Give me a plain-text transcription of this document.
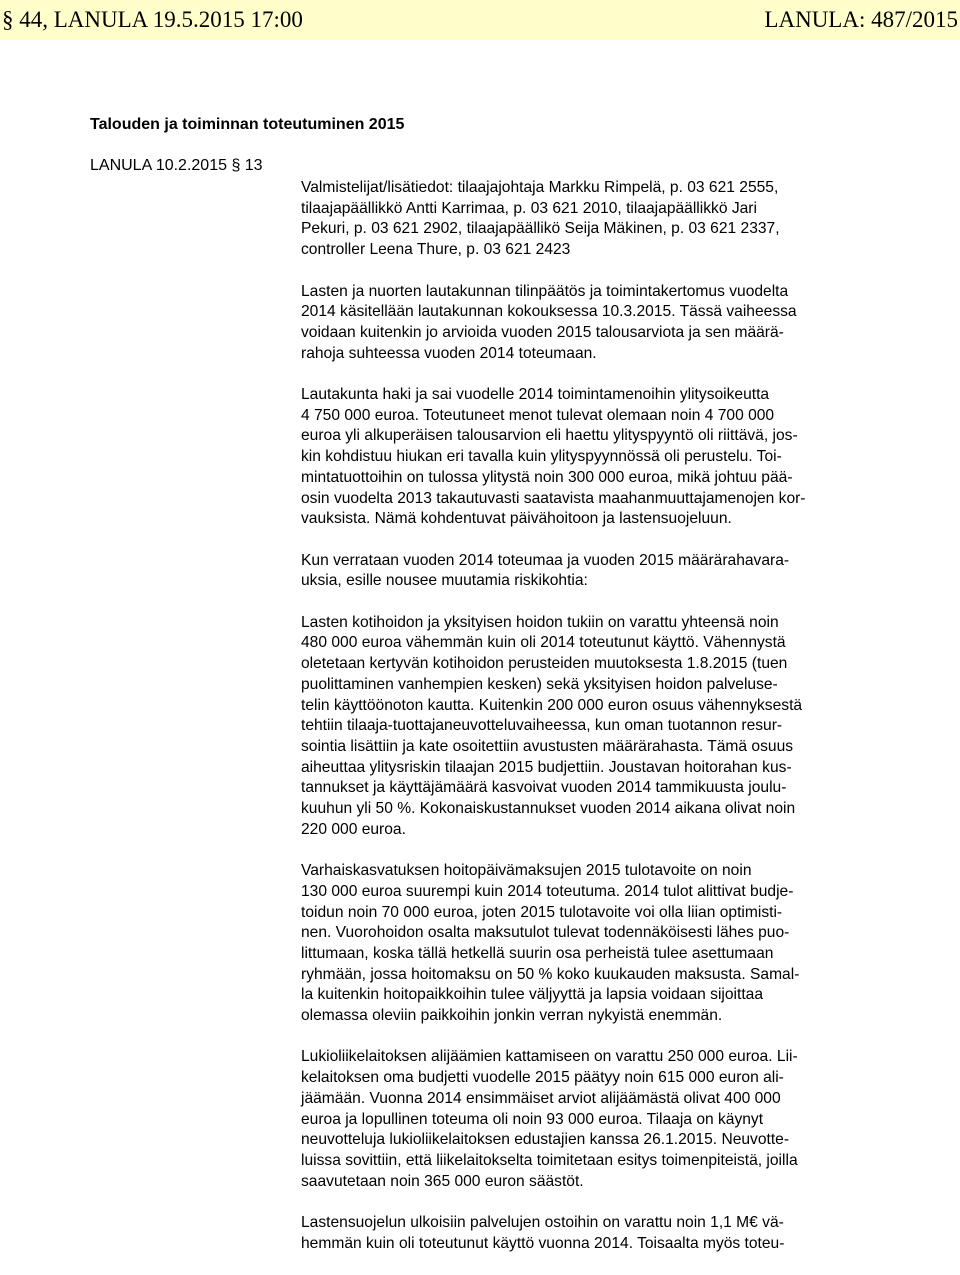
§ 44, LANULA 19.5.2015 17:00	LANULA: 487/2015
Talouden ja toiminnan toteutuminen 2015
LANULA 10.2.2015 § 13

Valmistelijat/lisätiedot: tilaajajohtaja Markku Rimpelä, p. 03 621 2555,
tilaajapäällikkö Antti Karrimaa, p. 03 621 2010, tilaajapäällikkö Jari
Pekuri, p. 03 621 2902, tilaajapäällikö Seija Mäkinen, p. 03 621 2337,
controller Leena Thure, p. 03 621 2423

Lasten ja nuorten lautakunnan tilinpäätös ja toimintakertomus vuodelta
2014 käsitellään lautakunnan kokouksessa 10.3.2015. Tässä vaiheessa
voidaan kuitenkin jo arvioida vuoden 2015 talousarviota ja sen määrä-
rahoja suhteessa vuoden 2014 toteumaan.

Lautakunta haki ja sai vuodelle 2014 toimintamenoihin ylitysoikeutta
4 750 000 euroa. Toteutuneet menot tulevat olemaan noin 4 700 000
euroa yli alkuperäisen talousarvion eli haettu ylityspyyntö oli riittävä, jos-
kin kohdistuu hiukan eri tavalla kuin ylityspyynnössä oli perustelu. Toi-
mintatuottoihin on tulossa ylitystä noin 300 000 euroa, mikä johtuu pää-
osin vuodelta 2013 takautuvasti saatavista maahanmuuttajamenojen kor-
vauksista. Nämä kohdentuvat päivähoitoon ja lastensuojeluun.

Kun verrataan vuoden 2014 toteumaa ja vuoden 2015 määrärahavara-
uksia, esille nousee muutamia riskikohtia:

Lasten kotihoidon ja yksityisen hoidon tukiin on varattu yhteensä noin
480 000 euroa vähemmän kuin oli 2014 toteutunut käyttö. Vähennystä
oletetaan kertyvän kotihoidon perusteiden muutoksesta 1.8.2015 (tuen
puolittaminen vanhempien kesken) sekä yksityisen hoidon palveluse-
telin käyttöönoton kautta. Kuitenkin 200 000 euron osuus vähennyksestä
tehtiin tilaaja-tuottajaneuvotteluvaiheessa, kun oman tuotannon resur-
sointia lisättiin ja kate osoitettiin avustusten määrärahasta. Tämä osuus
aiheuttaa ylitysriskin tilaajan 2015 budjettiin. Joustavan hoitorahan kus-
tannukset ja käyttäjämäärä kasvoivat vuoden 2014 tammikuusta joulu-
kuuhun yli 50 %. Kokonaiskustannukset vuoden 2014 aikana olivat noin
220 000 euroa.

Varhaiskasvatuksen hoitopäivämaksujen 2015 tulotavoite on noin
130 000 euroa suurempi kuin 2014 toteutuma. 2014 tulot alittivat budje-
toidun noin 70 000 euroa, joten 2015 tulotavoite voi olla liian optimisti-
nen. Vuorohoidon osalta maksutulot tulevat todennäköisesti lähes puo-
littumaan, koska tällä hetkellä suurin osa perheistä tulee asettumaan
ryhmään, jossa hoitomaksu on 50 % koko kuukauden maksusta. Samal-
la kuitenkin hoitopaikkoihin tulee väljyyttä ja lapsia voidaan sijoittaa
olemassa oleviin paikkoihin jonkin verran nykyistä enemmän.

Lukioliikelaitoksen alijäämien kattamiseen on varattu 250 000 euroa. Lii-
kelaitoksen oma budjetti vuodelle 2015 päätyy noin 615 000 euron ali-
jäämään. Vuonna 2014 ensimmäiset arviot alijäämästä olivat 400 000
euroa ja lopullinen toteuma oli noin 93 000 euroa. Tilaaja on käynyt
neuvotteluja lukioliikelaitoksen edustajien kanssa 26.1.2015. Neuvotte-
luissa sovittiin, että liikelaitokselta toimitetaan esitys toimenpiteistä, joilla
saavutetaan noin 365 000 euron säästöt.

Lastensuojelun ulkoisiin palvelujen ostoihin on varattu noin 1,1 M€ vä-
hemmän kuin oli toteutunut käyttö vuonna 2014. Toisaalta myös toteu-
